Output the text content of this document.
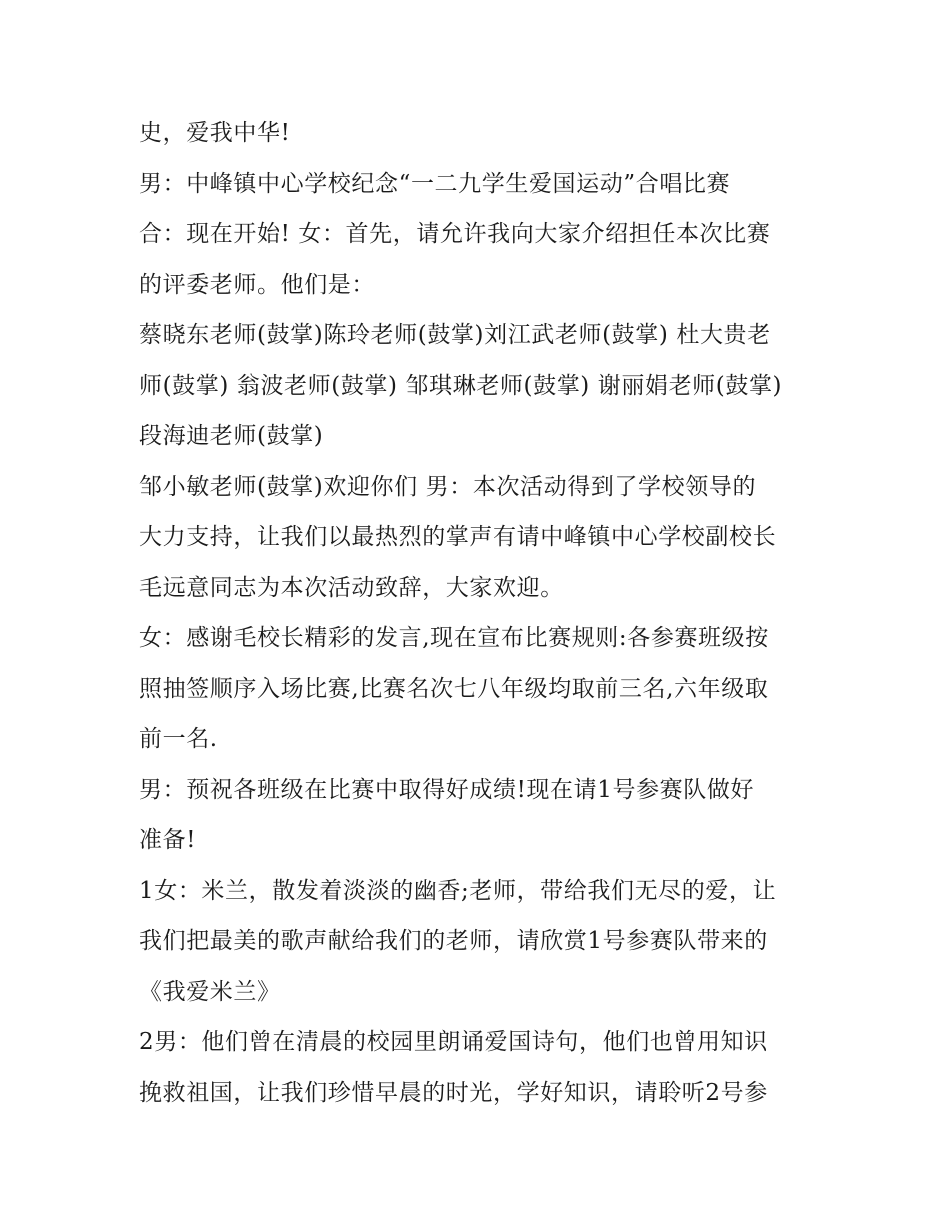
史，爱我中华!
男：中峰镇中心学校纪念“一二九学生爱国运动”合唱比赛
合：现在开始! 女：首先，请允许我向大家介绍担任本次比赛
的评委老师。他们是：
蔡晓东老师(鼓掌)陈玲老师(鼓掌)刘江武老师(鼓掌) 杜大贵老
师(鼓掌) 翁波老师(鼓掌) 邹琪琳老师(鼓掌) 谢丽娟老师(鼓掌)
段海迪老师(鼓掌)
邹小敏老师(鼓掌)欢迎你们 男：本次活动得到了学校领导的
大力支持，让我们以最热烈的掌声有请中峰镇中心学校副校长
毛远意同志为本次活动致辞，大家欢迎。
女：感谢毛校长精彩的发言,现在宣布比赛规则:各参赛班级按
照抽签顺序入场比赛,比赛名次七八年级均取前三名,六年级取
前一名.
男：预祝各班级在比赛中取得好成绩!现在请1号参赛队做好
准备!
1女：米兰，散发着淡淡的幽香;老师，带给我们无尽的爱，让
我们把最美的歌声献给我们的老师，请欣赏1号参赛队带来的
《我爱米兰》
2男：他们曾在清晨的校园里朗诵爱国诗句，他们也曾用知识
挽救祖国，让我们珍惜早晨的时光，学好知识，请聆听2号参
